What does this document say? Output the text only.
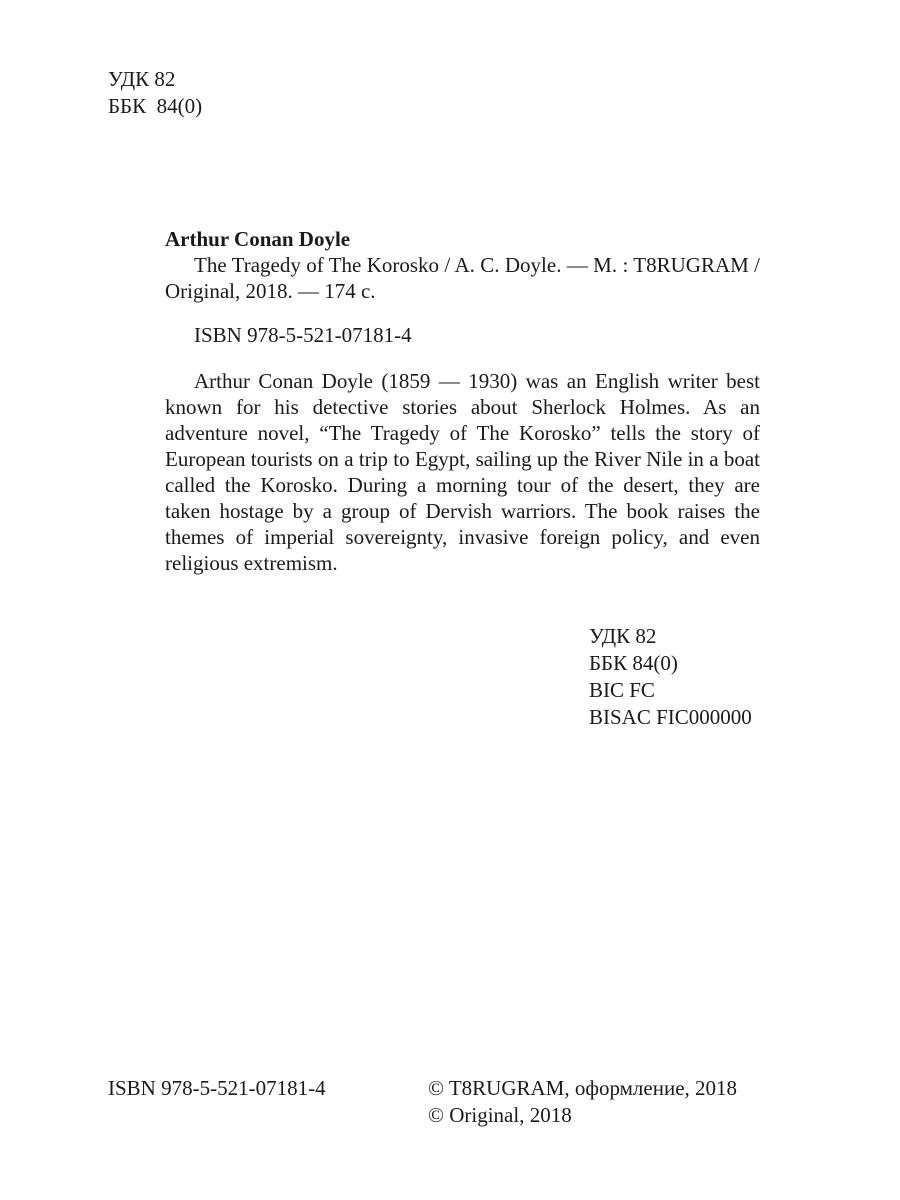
УДК 82
ББК  84(0)
Arthur Conan Doyle

The Tragedy of The Korosko / A. C. Doyle. — M. : T8RUGRAM / Original, 2018. — 174 с.

ISBN 978-5-521-07181-4

Arthur Conan Doyle (1859 — 1930) was an English writer best known for his detective stories about Sherlock Holmes. As an adventure novel, “The Tragedy of The Korosko” tells the story of European tourists on a trip to Egypt, sailing up the River Nile in a boat called the Korosko. During a morning tour of the desert, they are taken hostage by a group of Dervish warriors. The book raises the themes of imperial sovereignty, invasive foreign policy, and even religious extremism.

УДК 82
ББК 84(0)
BIC FC
BISAC FIC000000
ISBN 978-5-521-07181-4	© T8RUGRAM, оформление, 2018
© Original, 2018
